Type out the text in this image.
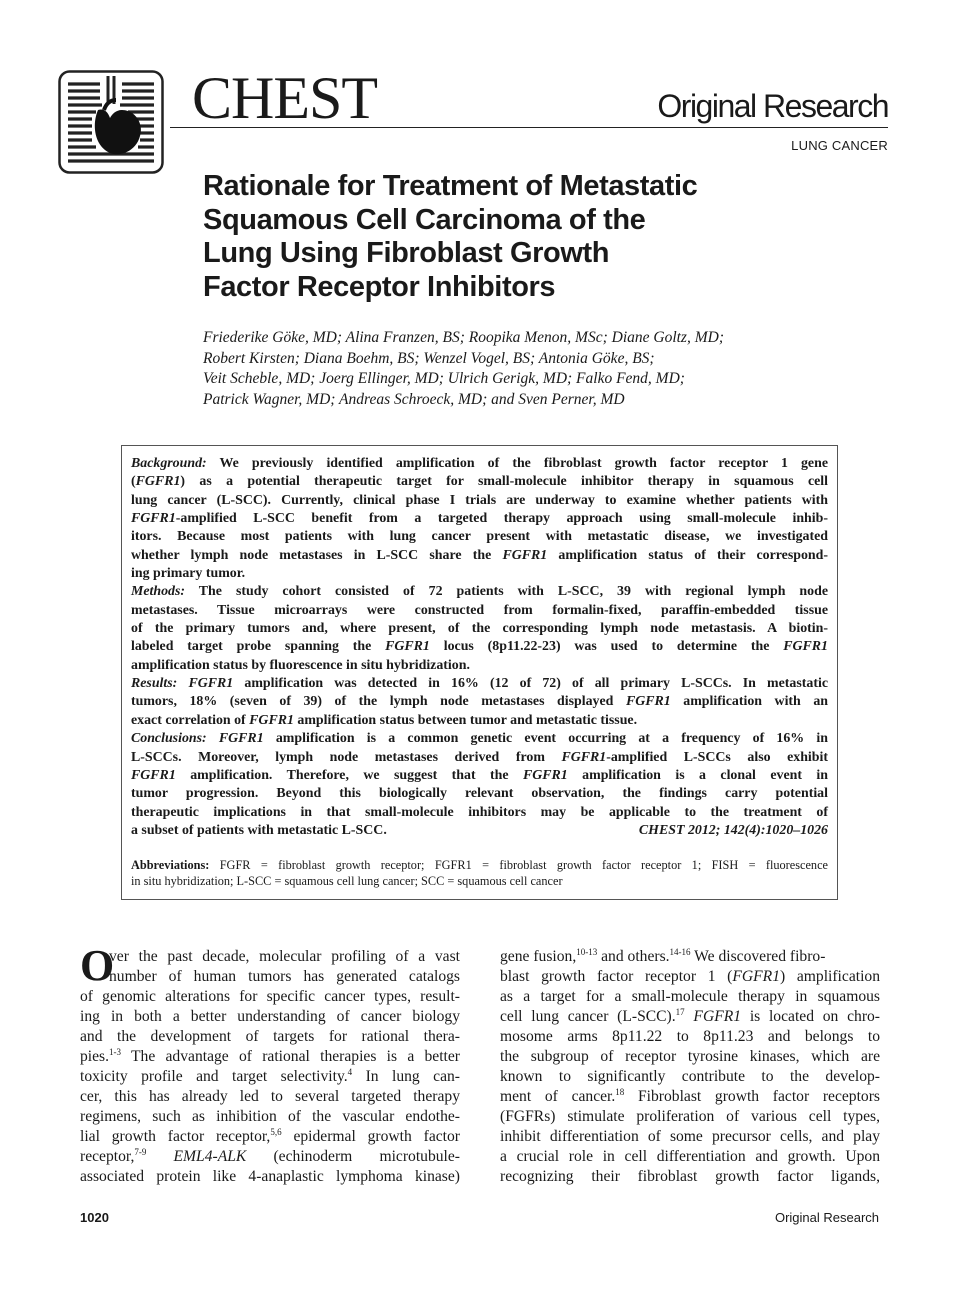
CHEST	Original Research
LUNG CANCER
Rationale for Treatment of Metastatic
Squamous Cell Carcinoma of the
Lung Using Fibroblast Growth
Factor Receptor Inhibitors
Friederike Göke, MD; Alina Franzen, BS; Roopika Menon, MSc; Diane Goltz, MD;
Robert Kirsten; Diana Boehm, BS; Wenzel Vogel, BS; Antonia Göke, BS;
Veit Scheble, MD; Joerg Ellinger, MD; Ulrich Gerigk, MD; Falko Fend, MD;
Patrick Wagner, MD; Andreas Schroeck, MD; and Sven Perner, MD
Background: We previously identified amplification of the fibroblast growth factor receptor 1 gene
(FGFR1) as a potential therapeutic target for small-molecule inhibitor therapy in squamous cell
lung cancer (L-SCC). Currently, clinical phase I trials are underway to examine whether patients with
FGFR1-amplified L-SCC benefit from a targeted therapy approach using small-molecule inhib-
itors. Because most patients with lung cancer present with metastatic disease, we investigated
whether lymph node metastases in L-SCC share the FGFR1 amplification status of their correspond-
ing primary tumor.
Methods: The study cohort consisted of 72 patients with L-SCC, 39 with regional lymph node
metastases. Tissue microarrays were constructed from formalin-fixed, paraffin-embedded tissue
of the primary tumors and, where present, of the corresponding lymph node metastasis. A biotin-
labeled target probe spanning the FGFR1 locus (8p11.22-23) was used to determine the FGFR1
amplification status by fluorescence in situ hybridization.
Results: FGFR1 amplification was detected in 16% (12 of 72) of all primary L-SCCs. In metastatic
tumors, 18% (seven of 39) of the lymph node metastases displayed FGFR1 amplification with an
exact correlation of FGFR1 amplification status between tumor and metastatic tissue.
Conclusions: FGFR1 amplification is a common genetic event occurring at a frequency of 16% in
L-SCCs. Moreover, lymph node metastases derived from FGFR1-amplified L-SCCs also exhibit
FGFR1 amplification. Therefore, we suggest that the FGFR1 amplification is a clonal event in
tumor progression. Beyond this biologically relevant observation, the findings carry potential
therapeutic implications in that small-molecule inhibitors may be applicable to the treatment of
a subset of patients with metastatic L-SCC.	CHEST 2012; 142(4):1020–1026
Abbreviations: FGFR = fibroblast growth receptor; FGFR1 = fibroblast growth factor receptor 1; FISH = fluorescence
in situ hybridization; L-SCC = squamous cell lung cancer; SCC = squamous cell cancer
O
ver the past decade, molecular profiling of a vast
number of human tumors has generated catalogs
of genomic alterations for specific cancer types, result-
ing in both a better understanding of cancer biology
and the development of targets for rational thera-
pies.$^{1-3}$ The advantage of rational therapies is a better
toxicity profile and target selectivity.$^4$ In lung can-
cer, this has already led to several targeted therapy
regimens, such as inhibition of the vascular endothe-
lial growth factor receptor,$^{5,6}$ epidermal growth factor
receptor,$^{7-9}$ EML4-ALK (echinoderm microtubule-
associated protein like 4-anaplastic lymphoma kinase)
gene fusion,$^{10-13}$ and others.$^{14-16}$ We discovered fibro-
blast growth factor receptor 1 (FGFR1) amplification
as a target for a small-molecule therapy in squamous
cell lung cancer (L-SCC).$^{17}$ FGFR1 is located on chro-
mosome arms 8p11.22 to 8p11.23 and belongs to
the subgroup of receptor tyrosine kinases, which are
known to significantly contribute to the develop-
ment of cancer.$^{18}$ Fibroblast growth factor receptors
(FGFRs) stimulate proliferation of various cell types,
inhibit differentiation of some precursor cells, and play
a crucial role in cell differentiation and growth. Upon
recognizing their fibroblast growth factor ligands,
1020	Original Research
